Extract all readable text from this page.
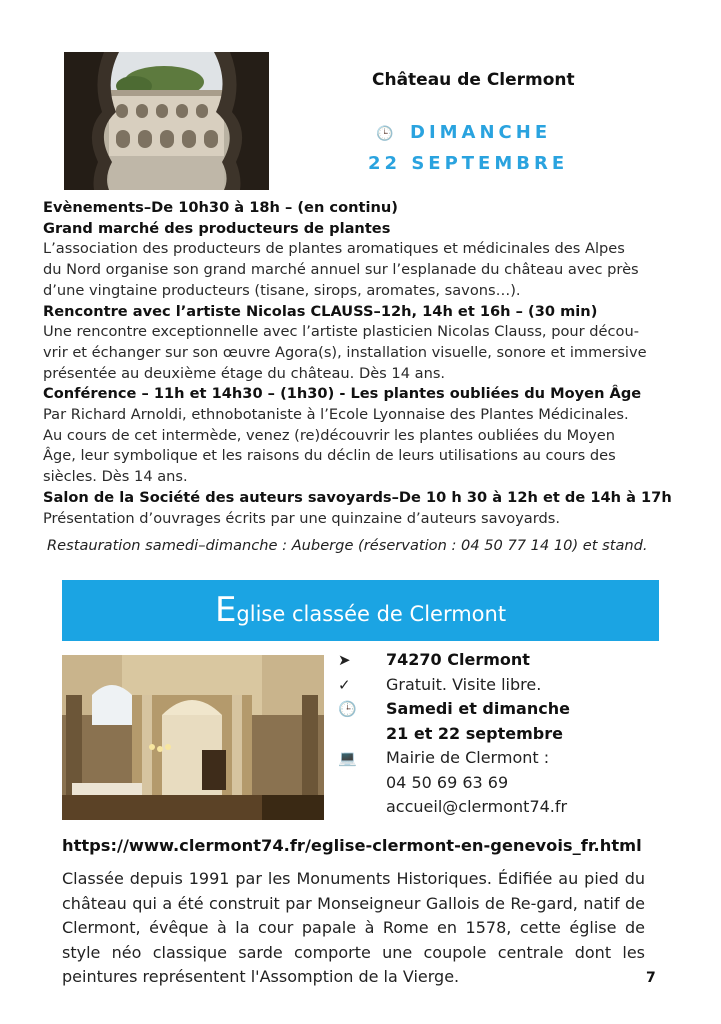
Château de Clermont
🕒 DIMANCHE
22 SEPTEMBRE
Evènements–De 10h30 à 18h – (en continu)
Grand marché des producteurs de plantes
L’association des producteurs de plantes aromatiques et médicinales des Alpes
du Nord organise son grand marché annuel sur l’esplanade du château avec près
d’une vingtaine producteurs (tisane, sirops, aromates, savons…).
Rencontre avec l’artiste Nicolas CLAUSS–12h, 14h et 16h – (30 min)
Une rencontre exceptionnelle avec l’artiste plasticien Nicolas Clauss, pour décou-
vrir et échanger sur son œuvre Agora(s), installation visuelle, sonore et immersive
présentée au deuxième étage du château. Dès 14 ans.
Conférence – 11h et 14h30 – (1h30) - Les plantes oubliées du Moyen Âge
Par Richard Arnoldi, ethnobotaniste à l’Ecole Lyonnaise des Plantes Médicinales.
Au cours de cet intermède, venez (re)découvrir les plantes oubliées du Moyen
Âge, leur symbolique et les raisons du déclin de leurs utilisations au cours des
siècles. Dès 14 ans.
Salon de la Société des auteurs savoyards–De 10 h 30 à 12h et de 14h à 17h
Présentation d’ouvrages écrits par une quinzaine d’auteurs savoyards.
Restauration samedi–dimanche : Auberge (réservation : 04 50 77 14 10) et stand.
Eglise classée de Clermont
➤	74270 Clermont
✓	Gratuit. Visite libre.
🕒	Samedi et dimanche
21 et 22 septembre
💻	Mairie de Clermont :
04 50 69 63 69
accueil@clermont74.fr
https://www.clermont74.fr/eglise-clermont-en-genevois_fr.html
Classée depuis 1991 par les Monuments Historiques. Édifiée au pied du château qui a été construit par Monseigneur Gallois de Re-gard, natif de Clermont, évêque à la cour papale à Rome en 1578, cette église de style néo classique sarde comporte une coupole centrale dont les peintures représentent l'Assomption de la Vierge.	7
